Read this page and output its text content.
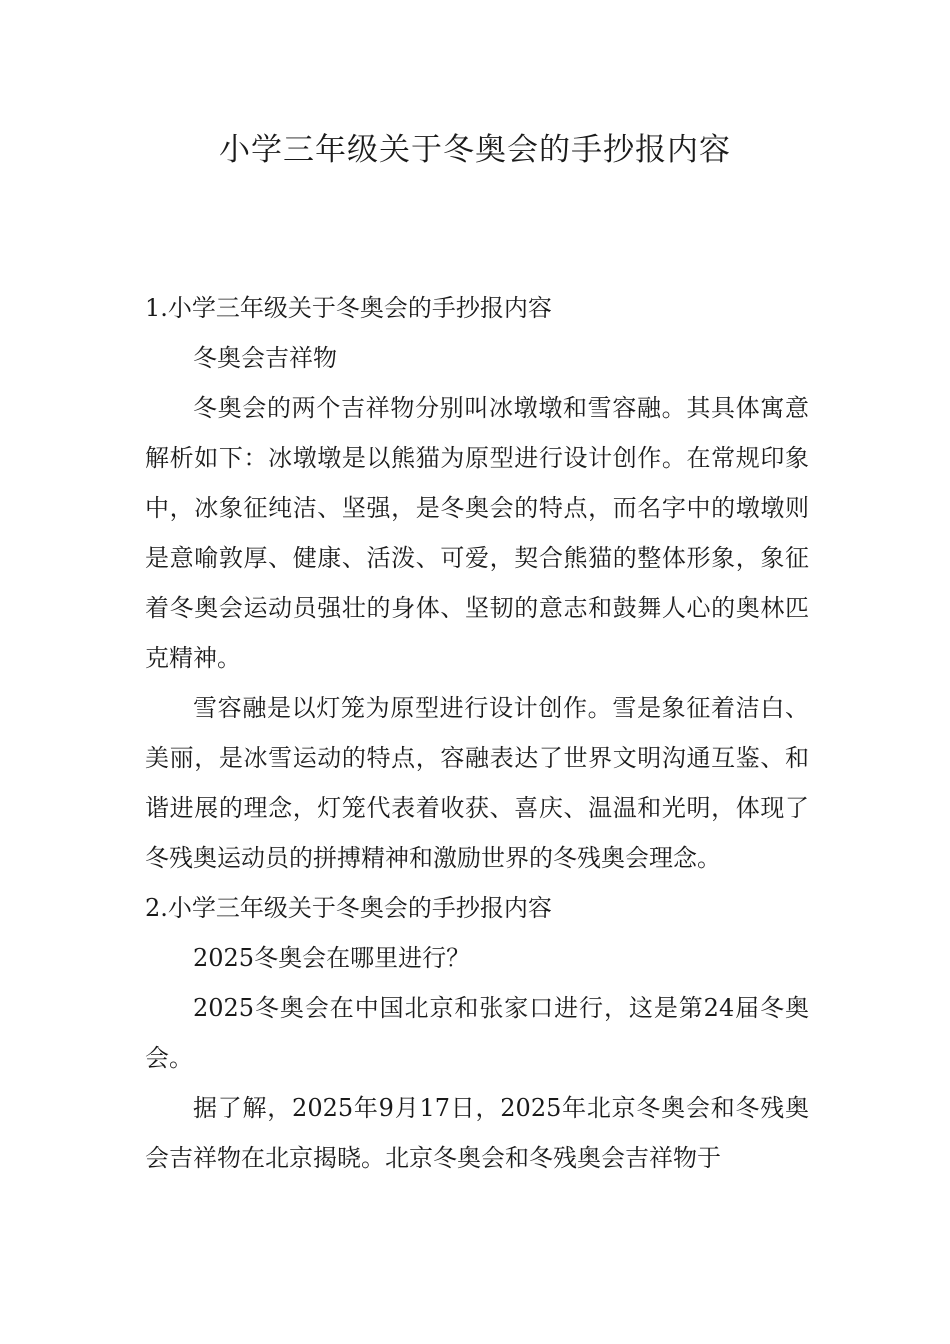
小学三年级关于冬奥会的手抄报内容

1.小学三年级关于冬奥会的手抄报内容

冬奥会吉祥物

冬奥会的两个吉祥物分别叫冰墩墩和雪容融。其具体寓意解析如下：冰墩墩是以熊猫为原型进行设计创作。在常规印象中，冰象征纯洁、坚强，是冬奥会的特点，而名字中的墩墩则是意喻敦厚、健康、活泼、可爱，契合熊猫的整体形象，象征着冬奥会运动员强壮的身体、坚韧的意志和鼓舞人心的奥林匹克精神。

雪容融是以灯笼为原型进行设计创作。雪是象征着洁白、美丽，是冰雪运动的特点，容融表达了世界文明沟通互鉴、和谐进展的理念，灯笼代表着收获、喜庆、温温和光明，体现了冬残奥运动员的拼搏精神和激励世界的冬残奥会理念。

2.小学三年级关于冬奥会的手抄报内容

2025冬奥会在哪里进行？

2025冬奥会在中国北京和张家口进行，这是第24届冬奥会。

据了解，2025年9月17日，2025年北京冬奥会和冬残奥会吉祥物在北京揭晓。北京冬奥会和冬残奥会吉祥物于
